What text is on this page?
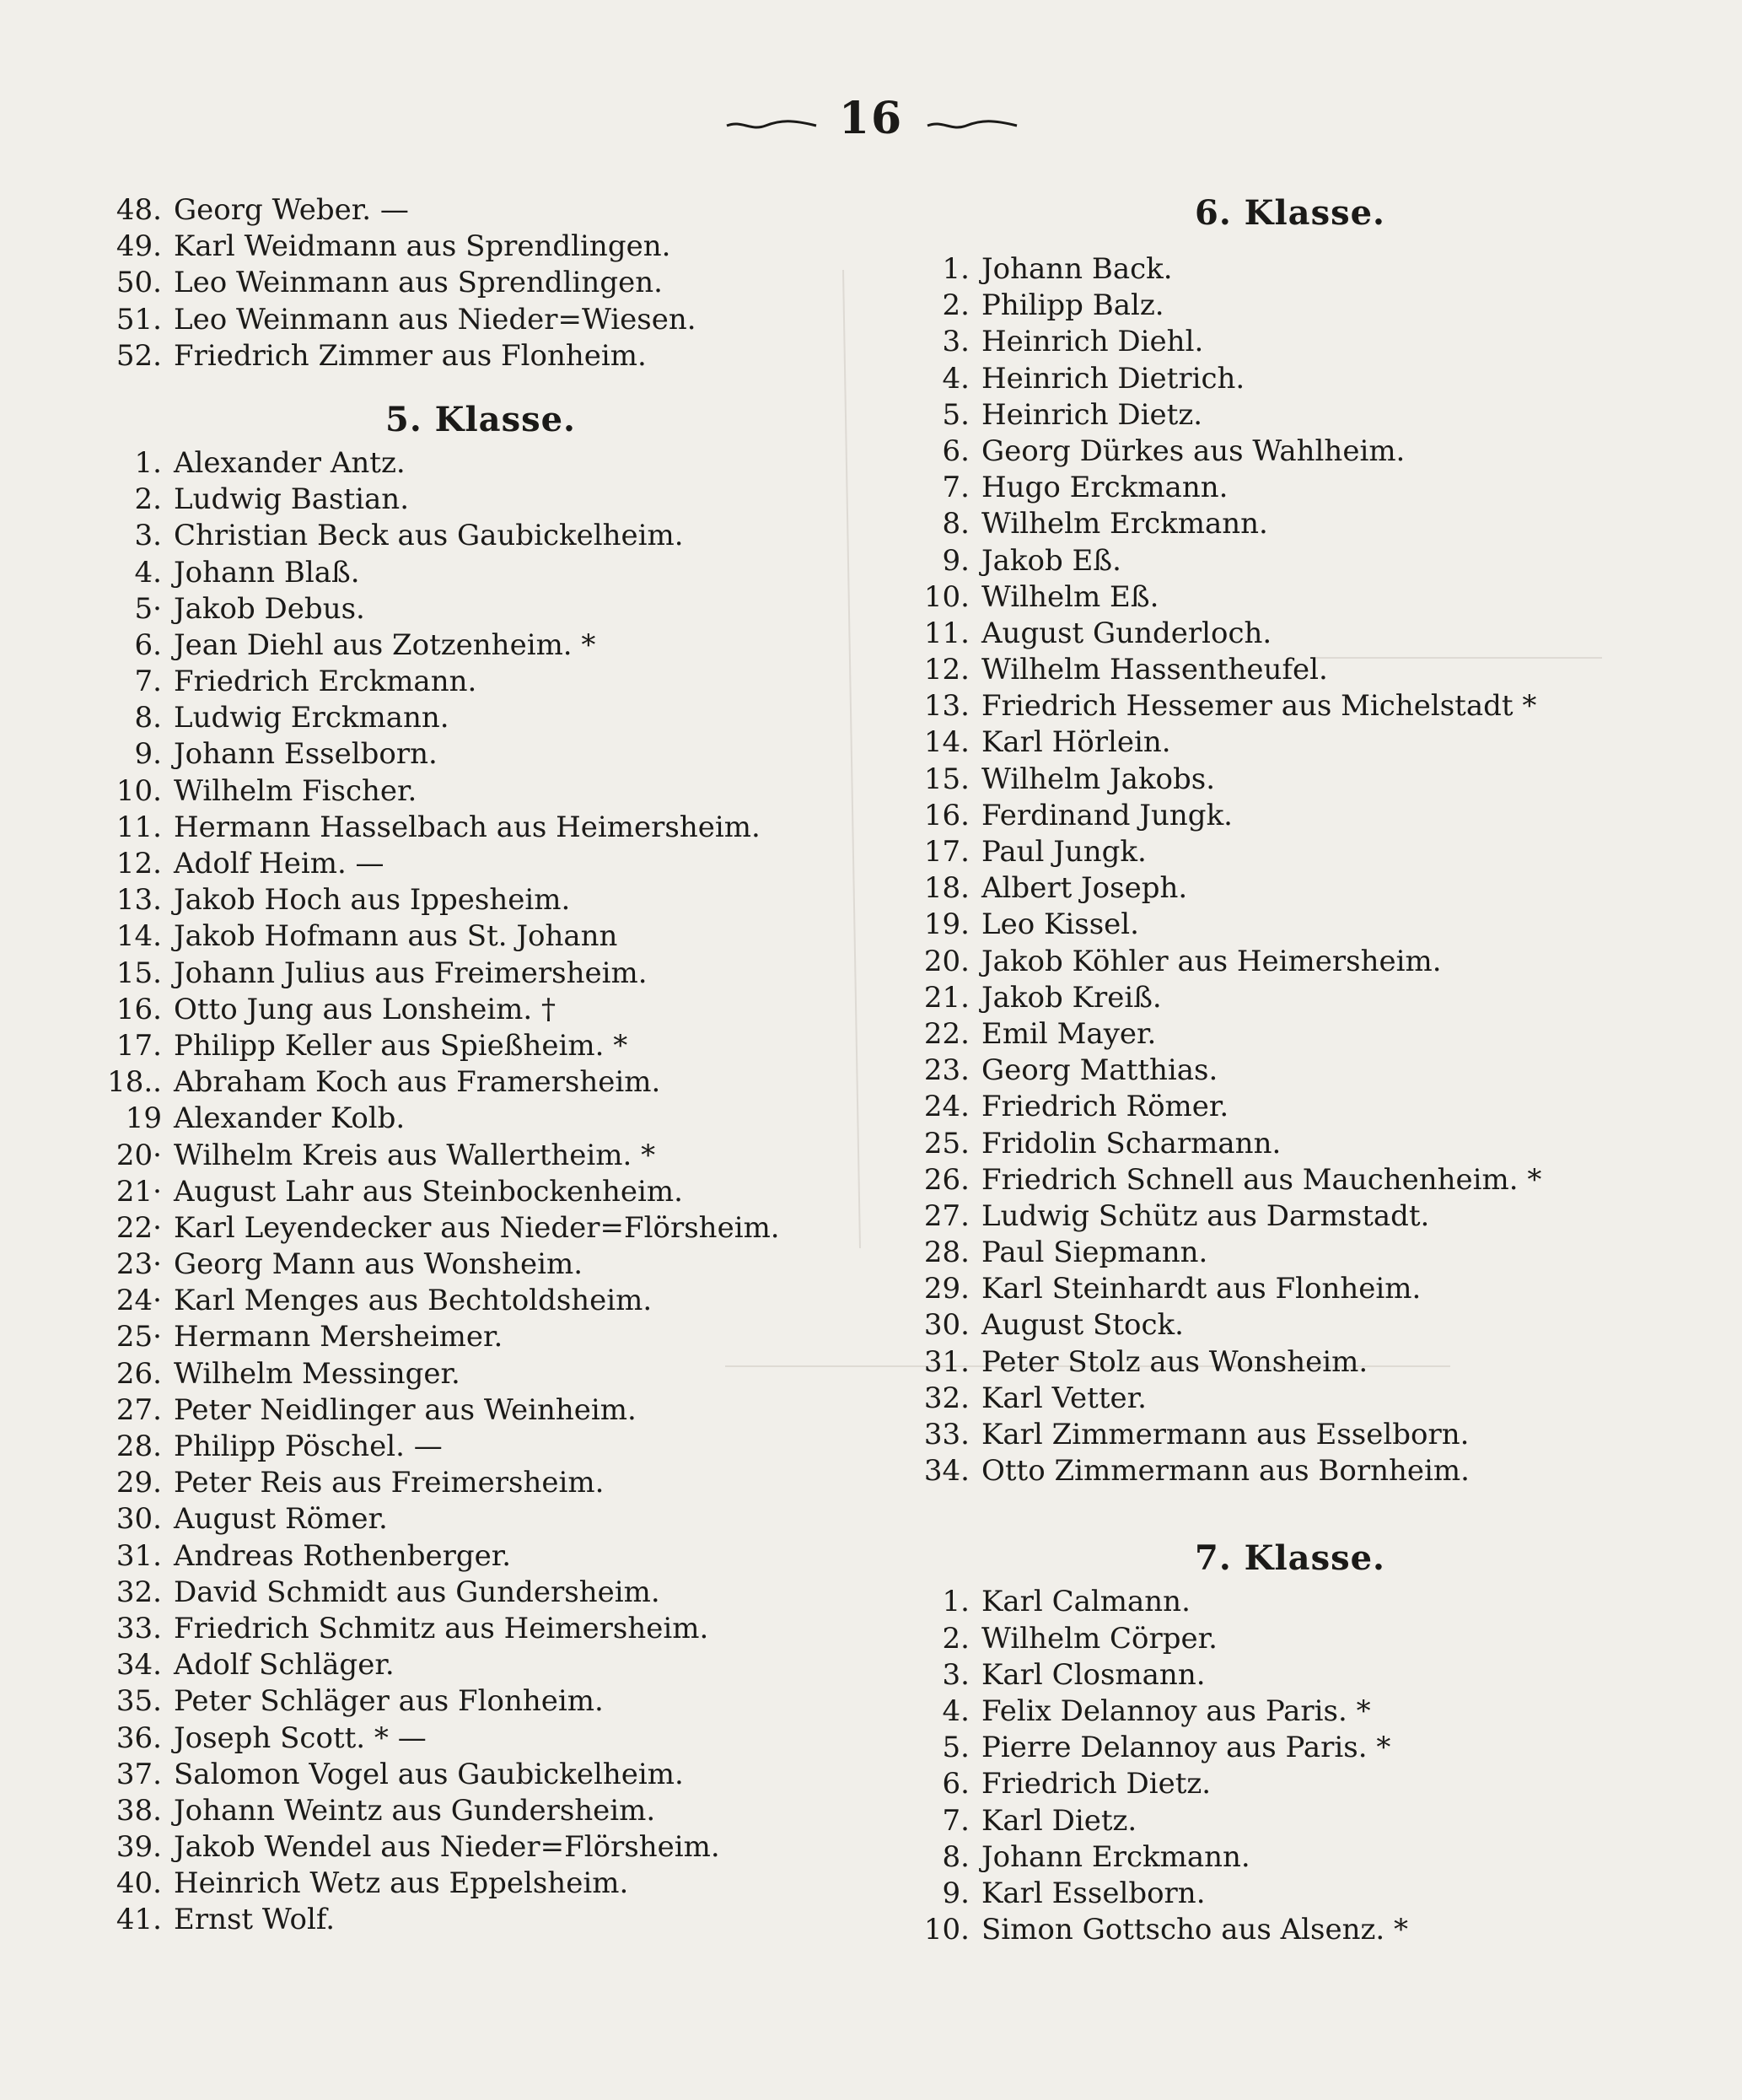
16
48. Georg Weber. —
49. Karl Weidmann aus Sprendlingen.
50. Leo Weinmann aus Sprendlingen.
51. Leo Weinmann aus Nieder=Wiesen.
52. Friedrich Zimmer aus Flonheim.
5. Klasse.
1. Alexander Antz.
2. Ludwig Bastian.
3. Christian Beck aus Gaubickelheim.
4. Johann Blaß.
5· Jakob Debus.
6. Jean Diehl aus Zotzenheim. *
7. Friedrich Erckmann.
8. Ludwig Erckmann.
9. Johann Esselborn.
10. Wilhelm Fischer.
11. Hermann Hasselbach aus Heimersheim.
12. Adolf Heim. —
13. Jakob Hoch aus Ippesheim.
14. Jakob Hofmann aus St. Johann
15. Johann Julius aus Freimersheim.
16. Otto Jung aus Lonsheim. †
17. Philipp Keller aus Spießheim. *
18.. Abraham Koch aus Framersheim.
19 Alexander Kolb.
20· Wilhelm Kreis aus Wallertheim. *
21· August Lahr aus Steinbockenheim.
22· Karl Leyendecker aus Nieder=Flörsheim.
23· Georg Mann aus Wonsheim.
24· Karl Menges aus Bechtoldsheim.
25· Hermann Mersheimer.
26. Wilhelm Messinger.
27. Peter Neidlinger aus Weinheim.
28. Philipp Pöschel. —
29. Peter Reis aus Freimersheim.
30. August Römer.
31. Andreas Rothenberger.
32. David Schmidt aus Gundersheim.
33. Friedrich Schmitz aus Heimersheim.
34. Adolf Schläger.
35. Peter Schläger aus Flonheim.
36. Joseph Scott. * —
37. Salomon Vogel aus Gaubickelheim.
38. Johann Weintz aus Gundersheim.
39. Jakob Wendel aus Nieder=Flörsheim.
40. Heinrich Wetz aus Eppelsheim.
41. Ernst Wolf.
6. Klasse.
1. Johann Back.
2. Philipp Balz.
3. Heinrich Diehl.
4. Heinrich Dietrich.
5. Heinrich Dietz.
6. Georg Dürkes aus Wahlheim.
7. Hugo Erckmann.
8. Wilhelm Erckmann.
9. Jakob Eß.
10. Wilhelm Eß.
11. August Gunderloch.
12. Wilhelm Hassentheufel.
13. Friedrich Hessemer aus Michelstadt *
14. Karl Hörlein.
15. Wilhelm Jakobs.
16. Ferdinand Jungk.
17. Paul Jungk.
18. Albert Joseph.
19. Leo Kissel.
20. Jakob Köhler aus Heimersheim.
21. Jakob Kreiß.
22. Emil Mayer.
23. Georg Matthias.
24. Friedrich Römer.
25. Fridolin Scharmann.
26. Friedrich Schnell aus Mauchenheim. *
27. Ludwig Schütz aus Darmstadt.
28. Paul Siepmann.
29. Karl Steinhardt aus Flonheim.
30. August Stock.
31. Peter Stolz aus Wonsheim.
32. Karl Vetter.
33. Karl Zimmermann aus Esselborn.
34. Otto Zimmermann aus Bornheim.
7. Klasse.
1. Karl Calmann.
2. Wilhelm Cörper.
3. Karl Closmann.
4. Felix Delannoy aus Paris. *
5. Pierre Delannoy aus Paris. *
6. Friedrich Dietz.
7. Karl Dietz.
8. Johann Erckmann.
9. Karl Esselborn.
10. Simon Gottscho aus Alsenz. *
